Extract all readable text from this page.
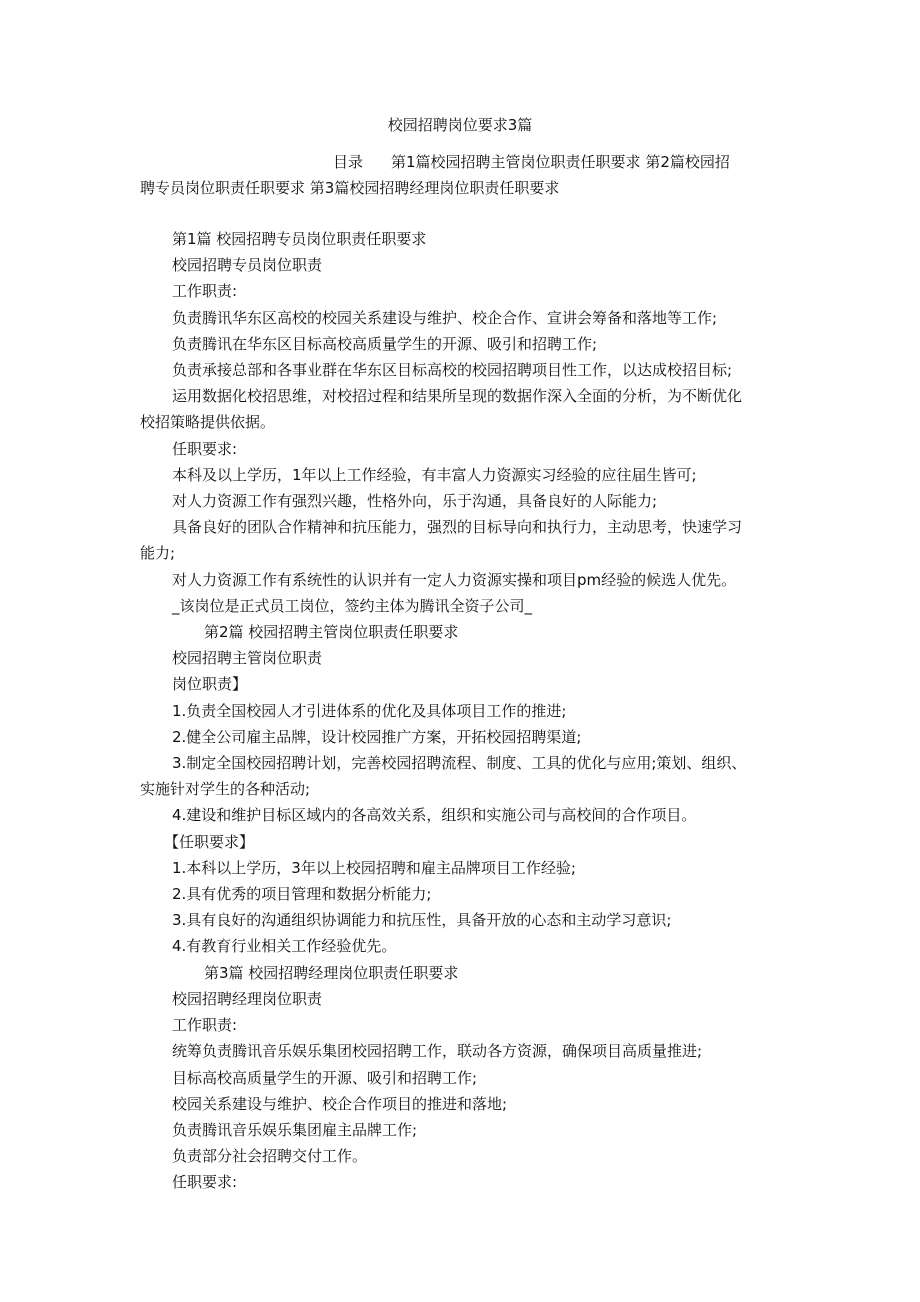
校园招聘岗位要求3篇
目录 第1篇校园招聘主管岗位职责任职要求 第2篇校园招
聘专员岗位职责任职要求 第3篇校园招聘经理岗位职责任职要求
第1篇 校园招聘专员岗位职责任职要求
校园招聘专员岗位职责
工作职责:
负责腾讯华东区高校的校园关系建设与维护、校企合作、宣讲会筹备和落地等工作;
负责腾讯在华东区目标高校高质量学生的开源、吸引和招聘工作;
负责承接总部和各事业群在华东区目标高校的校园招聘项目性工作，以达成校招目标;
运用数据化校招思维，对校招过程和结果所呈现的数据作深入全面的分析，为不断优化
校招策略提供依据。
任职要求:
本科及以上学历，1年以上工作经验，有丰富人力资源实习经验的应往届生皆可;
对人力资源工作有强烈兴趣，性格外向，乐于沟通，具备良好的人际能力;
具备良好的团队合作精神和抗压能力，强烈的目标导向和执行力，主动思考，快速学习
能力;
对人力资源工作有系统性的认识并有一定人力资源实操和项目pm经验的候选人优先。
_该岗位是正式员工岗位，签约主体为腾讯全资子公司_
第2篇 校园招聘主管岗位职责任职要求
校园招聘主管岗位职责
岗位职责】
1.负责全国校园人才引进体系的优化及具体项目工作的推进;
2.健全公司雇主品牌，设计校园推广方案，开拓校园招聘渠道;
3.制定全国校园招聘计划，完善校园招聘流程、制度、工具的优化与应用;策划、组织、
实施针对学生的各种活动;
4.建设和维护目标区域内的各高效关系，组织和实施公司与高校间的合作项目。
【任职要求】
1.本科以上学历，3年以上校园招聘和雇主品牌项目工作经验;
2.具有优秀的项目管理和数据分析能力;
3.具有良好的沟通组织协调能力和抗压性，具备开放的心态和主动学习意识;
4.有教育行业相关工作经验优先。
第3篇 校园招聘经理岗位职责任职要求
校园招聘经理岗位职责
工作职责:
统筹负责腾讯音乐娱乐集团校园招聘工作，联动各方资源，确保项目高质量推进;
目标高校高质量学生的开源、吸引和招聘工作;
校园关系建设与维护、校企合作项目的推进和落地;
负责腾讯音乐娱乐集团雇主品牌工作;
负责部分社会招聘交付工作。
任职要求:
